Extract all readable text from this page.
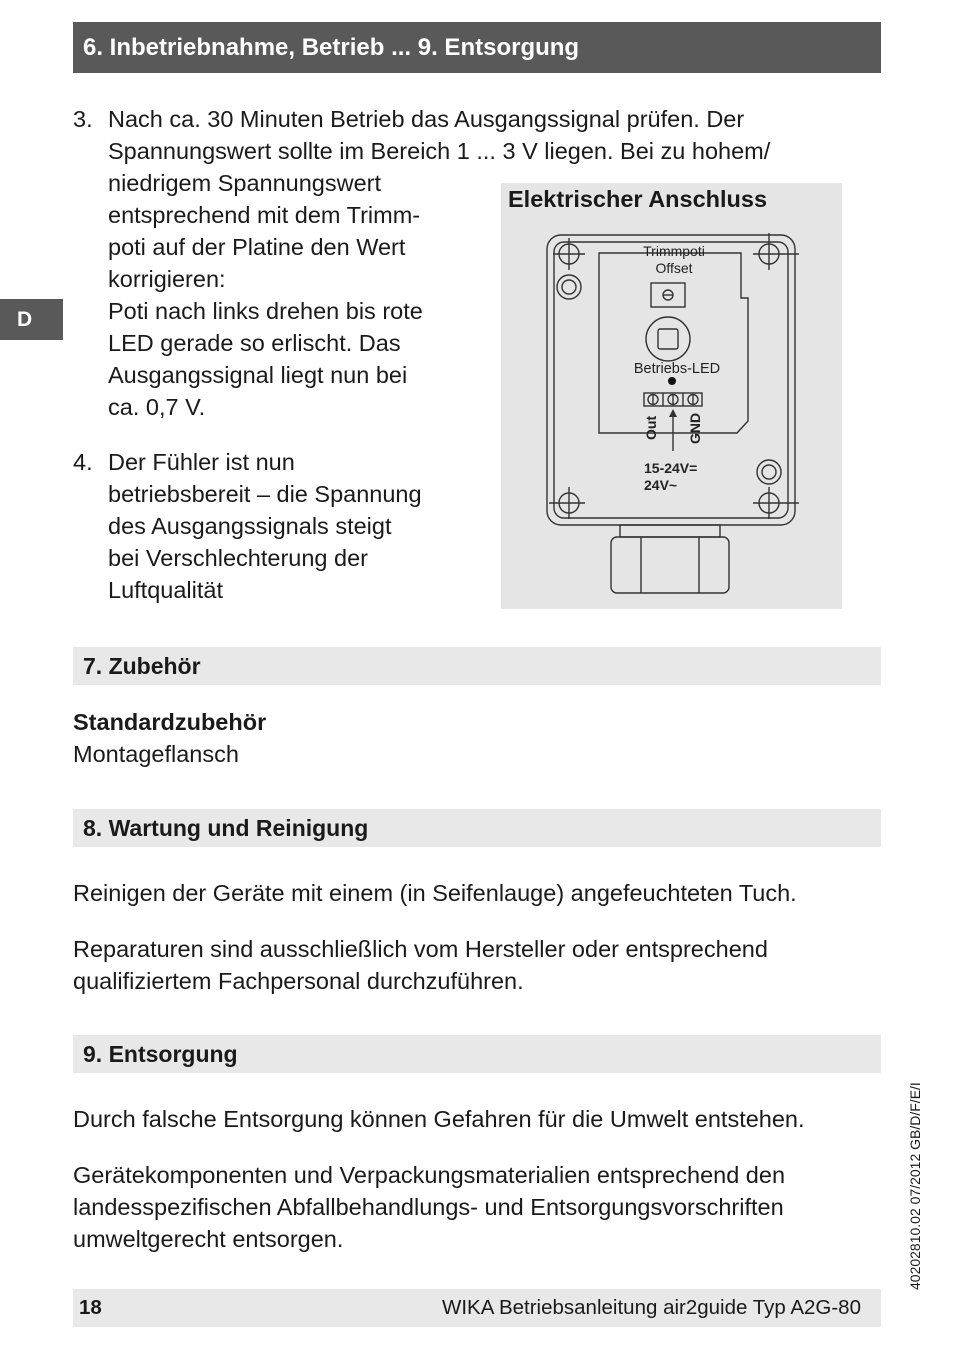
6. Inbetriebnahme, Betrieb ... 9. Entsorgung
D
3. Nach ca. 30 Minuten Betrieb das Ausgangssignal prüfen. Der
Spannungswert sollte im Bereich 1 ... 3 V liegen. Bei zu hohem/
niedrigem Spannungswert
entsprechend mit dem Trimm-
poti auf der Platine den Wert
korrigieren:
Poti nach links drehen bis rote
LED gerade so erlischt. Das
Ausgangssignal liegt nun bei
ca. 0,7 V.
4. Der Fühler ist nun
betriebsbereit – die Spannung
des Ausgangssignals steigt
bei Verschlechterung der
Luftqualität
Elektrischer Anschluss
Trimmpoti
Offset
Betriebs-LED
Out GND
15-24V=
24V~
7. Zubehör
Standardzubehör
Montageflansch
8. Wartung und Reinigung
Reinigen der Geräte mit einem (in Seifenlauge) angefeuchteten Tuch.
Reparaturen sind ausschließlich vom Hersteller oder entsprechend
qualifiziertem Fachpersonal durchzuführen.
9. Entsorgung
Durch falsche Entsorgung können Gefahren für die Umwelt entstehen.
Gerätekomponenten und Verpackungsmaterialien entsprechend den
landesspezifischen Abfallbehandlungs- und Entsorgungsvorschriften
umweltgerecht entsorgen.	40202810.02 07/2012 GB/D/F/E/I
18	WIKA Betriebsanleitung air2guide Typ A2G-80
